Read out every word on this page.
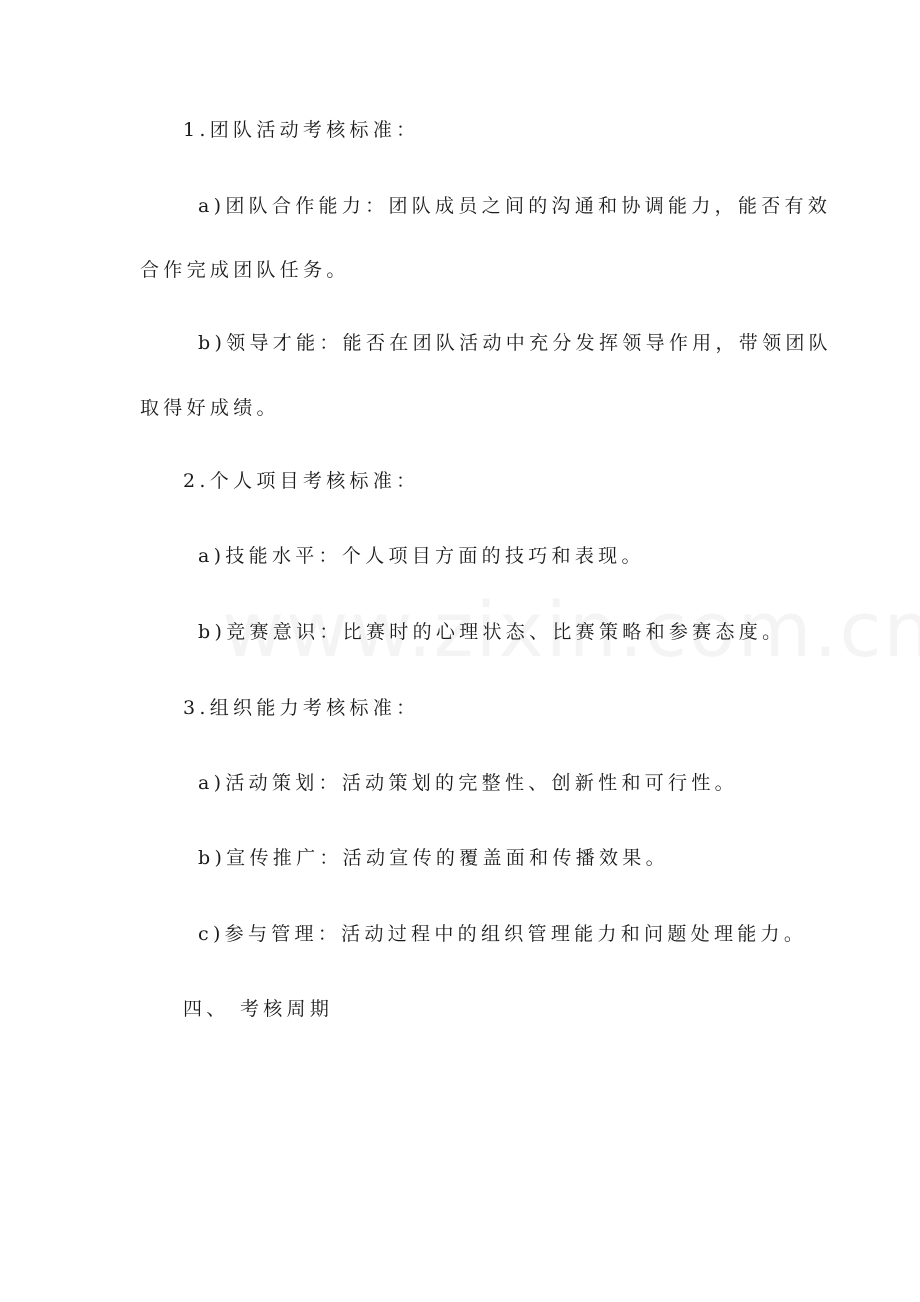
1.团队活动考核标准：
a)团队合作能力：团队成员之间的沟通和协调能力，能否有效
合作完成团队任务。
b)领导才能：能否在团队活动中充分发挥领导作用，带领团队
取得好成绩。
2.个人项目考核标准：
a)技能水平：个人项目方面的技巧和表现。
b)竞赛意识：比赛时的心理状态、比赛策略和参赛态度。
3.组织能力考核标准：
a)活动策划：活动策划的完整性、创新性和可行性。
b)宣传推广：活动宣传的覆盖面和传播效果。
c)参与管理：活动过程中的组织管理能力和问题处理能力。
四、 考核周期
